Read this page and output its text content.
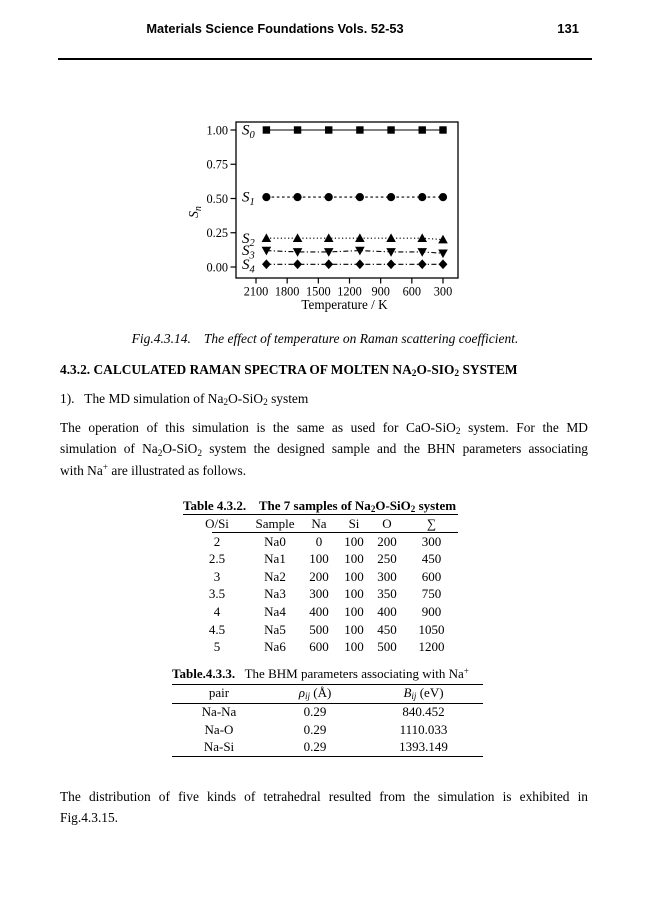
Materials Science Foundations Vols. 52-53	131
$S_0$
$S_1$
$S_2$
$S_3$
$S_4$
1.00
0.75
0.50
0.25
0.00
2100 1800 1500 1200 900 600 300
$S_n$
Temperature / K
Fig.4.3.14. The effect of temperature on Raman scattering coefficient.
4.3.2. CALCULATED RAMAN SPECTRA OF MOLTEN $NA_2O-SIO_2$ SYSTEM
1).   The MD simulation of $Na_2O-SiO_2$ system
The operation of this simulation is the same as used for CaO-SiO$_2$ system. For the MD
simulation of $Na_2O-SiO_2$ system the designed sample and the BHN parameters associating
with Na+ are illustrated as follows.
Table 4.3.2.    The 7 samples of $Na_2O-SiO_2$ system
O/Si	Sample	Na	Si	O	∑
2	Na0	0	100	200	300
2.5	Na1	100	100	250	450
3	Na2	200	100	300	600
3.5	Na3	300	100	350	750
4	Na4	400	100	400	900
4.5	Na5	500	100	450	1050
5	Na6	600	100	500	1200
Table.4.3.3.   The BHM parameters associating with Na+
pair	$\rho_{ij}$ (Å)	$B_{ij}$ (eV)
Na-Na	0.29	840.452
Na-O	0.29	1110.033
Na-Si	0.29	1393.149
The distribution of five kinds of tetrahedral resulted from the simulation is exhibited in
Fig.4.3.15.
